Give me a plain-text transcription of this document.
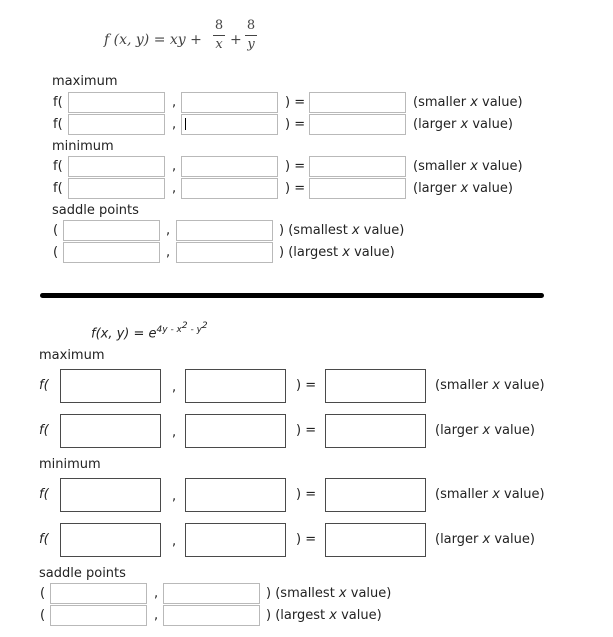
f (x, y) = xy +
8
x +
8
y
maximum
f(	,	) =	(smaller x value)
f(	,	) =	(larger x value)
minimum
f(	,	) =	(smaller x value)
f(	,	) =	(larger x value)
saddle points
(	,	) (smallest x value)
(	,	) (largest x value)
f(x, $y) = e^{4y - x^2 - y^2}$
maximum
f(	,	) =	(smaller x value)
f(	,	) =	(larger x value)
minimum
f(	,	) =	(smaller x value)
f(	,	) =	(larger x value)
saddle points
(	,	) (smallest x value)
(	,	) (largest x value)
